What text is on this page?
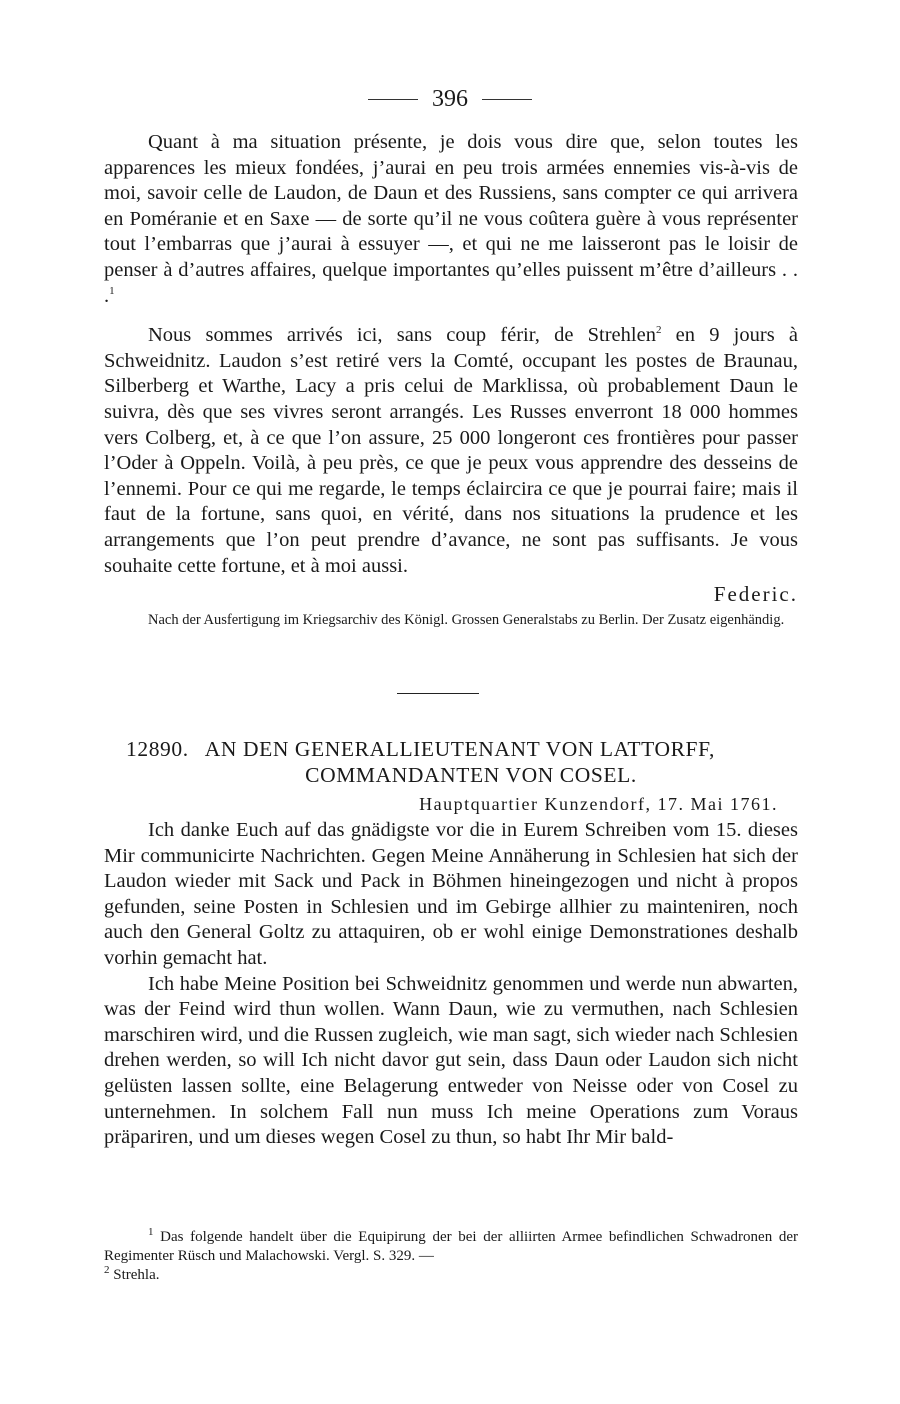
396

Quant à ma situation présente, je dois vous dire que, selon toutes les apparences les mieux fondées, j’aurai en peu trois armées ennemies vis-à-vis de moi, savoir celle de Laudon, de Daun et des Russiens, sans compter ce qui arrivera en Poméranie et en Saxe — de sorte qu’il ne vous coûtera guère à vous représenter tout l’embarras que j’aurai à essuyer —, et qui ne me laisseront pas le loisir de penser à d’autres affaires, quelque importantes qu’elles puissent m’être d’ailleurs . . .$^1$

Nous sommes arrivés ici, sans coup férir, de Strehlen$^2$ en 9 jours à Schweidnitz. Laudon s’est retiré vers la Comté, occupant les postes de Braunau, Silberberg et Warthe, Lacy a pris celui de Marklissa, où probablement Daun le suivra, dès que ses vivres seront arrangés. Les Russes enverront 18 000 hommes vers Colberg, et, à ce que l’on assure, 25 000 longeront ces frontières pour passer l’Oder à Oppeln. Voilà, à peu près, ce que je peux vous apprendre des desseins de l’ennemi. Pour ce qui me regarde, le temps éclaircira ce que je pourrai faire; mais il faut de la fortune, sans quoi, en vérité, dans nos situations la prudence et les arrangements que l’on peut prendre d’avance, ne sont pas suffisants. Je vous souhaite cette fortune, et à moi aussi.

Federic.

Nach der Ausfertigung im Kriegsarchiv des Königl. Grossen Generalstabs zu Berlin. Der Zusatz eigenhändig.

12890. AN DEN GENERALLIEUTENANT VON LATTORFF,
COMMANDANTEN VON COSEL.
Hauptquartier Kunzendorf, 17. Mai 1761.

Ich danke Euch auf das gnädigste vor die in Eurem Schreiben vom 15. dieses Mir communicirte Nachrichten. Gegen Meine Annäherung in Schlesien hat sich der Laudon wieder mit Sack und Pack in Böhmen hineingezogen und nicht à propos gefunden, seine Posten in Schlesien und im Gebirge allhier zu mainteniren, noch auch den General Goltz zu attaquiren, ob er wohl einige Demonstrationes deshalb vorhin gemacht hat.

Ich habe Meine Position bei Schweidnitz genommen und werde nun abwarten, was der Feind wird thun wollen. Wann Daun, wie zu vermuthen, nach Schlesien marschiren wird, und die Russen zugleich, wie man sagt, sich wieder nach Schlesien drehen werden, so will Ich nicht davor gut sein, dass Daun oder Laudon sich nicht gelüsten lassen sollte, eine Belagerung entweder von Neisse oder von Cosel zu unternehmen. In solchem Fall nun muss Ich meine Operations zum Voraus präpariren, und um dieses wegen Cosel zu thun, so habt Ihr Mir bald-

$^1$ Das folgende handelt über die Equipirung der bei der alliirten Armee befindlichen Schwadronen der Regimenter Rüsch und Malachowski. Vergl. S. 329. —

$^2$ Strehla.
